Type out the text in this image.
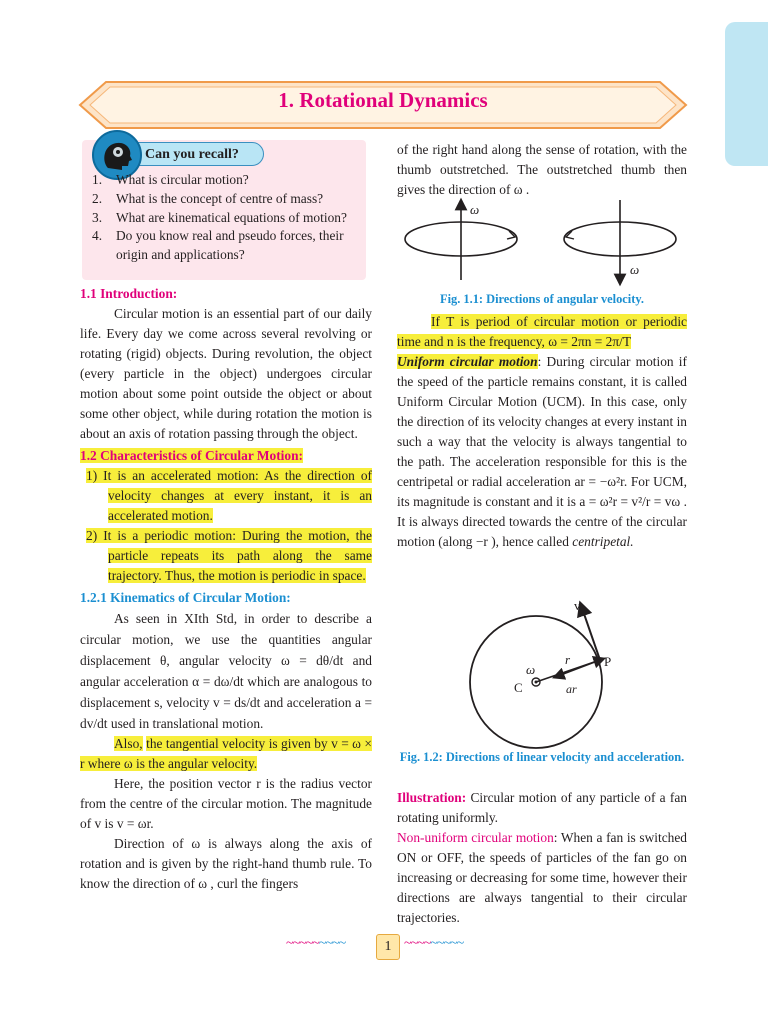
1. Rotational Dynamics
Can you recall?
1.	What is circular motion?
2.	What is the concept of centre of mass?
3.	What are kinematical equations of motion?
4.	Do you know real and pseudo forces, their origin and applications?
1.1 Introduction:
Circular motion is an essential part of our daily life. Every day we come across several revolving or rotating (rigid) objects. During revolution, the object (every particle in the object) undergoes circular motion about some point outside the object or about some other object, while during rotation the motion is about an axis of rotation passing through the object.
1.2 Characteristics of Circular Motion:
1) It is an accelerated motion: As the direction of velocity changes at every instant, it is an accelerated motion.
2) It is a periodic motion: During the motion, the particle repeats its path along the same trajectory. Thus, the motion is periodic in space.
1.2.1 Kinematics of Circular Motion:
As seen in XIth Std, in order to describe a circular motion, we use the quantities angular displacement θ, angular velocity ω = dθ/dt and angular acceleration α = dω/dt which are analogous to displacement s, velocity v = ds/dt and acceleration a = dv/dt used in translational motion.
Also, the tangential velocity is given by v = ω × r where ω is the angular velocity.
Here, the position vector r is the radius vector from the centre of the circular motion. The magnitude of v is v = ωr.
Direction of ω is always along the axis of rotation and is given by the right-hand thumb rule. To know the direction of ω , curl the fingers
of the right hand along the sense of rotation, with the thumb outstretched. The outstretched thumb then gives the direction of ω .
ω
ω
Fig. 1.1: Directions of angular velocity.
If T is period of circular motion or periodic time and n is the frequency, ω = 2πn = 2π/T
Uniform circular motion: During circular motion if the speed of the particle remains constant, it is called Uniform Circular Motion (UCM). In this case, only the direction of its velocity changes at every instant in such a way that the velocity is always tangential to the path. The acceleration responsible for this is the centripetal or radial acceleration ar = −ω²r. For UCM, its magnitude is constant and it is a = ω²r = v²/r = vω . It is always directed towards the centre of the circular motion (along −r ), hence called centripetal.
v
r	P
ω
C	ar
Fig. 1.2: Directions of linear velocity and acceleration.
Illustration: Circular motion of any particle of a fan rotating uniformly.
Non-uniform circular motion: When a fan is switched ON or OFF, the speeds of particles of the fan go on increasing or decreasing for some time, however their directions are always tangential to their circular trajectories.
~~~~~~~~~	~~~~~~~~~
1
